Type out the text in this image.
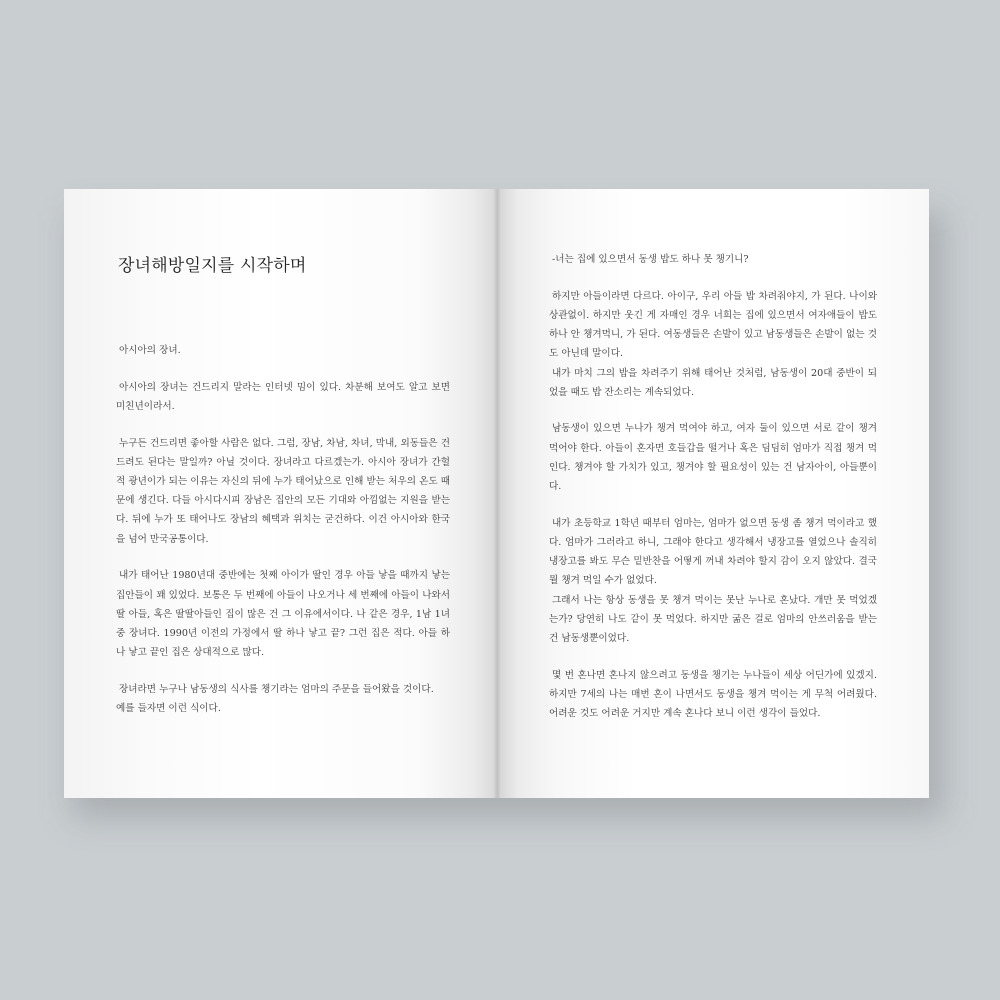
장녀해방일지를 시작하며

아시아의 장녀.

아시아의 장녀는 건드리지 말라는 인터넷 밈이 있다. 차분해 보여도 알고 보면 미친년이라서.

누구든 건드리면 좋아할 사람은 없다. 그럼, 장남, 차남, 차녀, 막내, 외동들은 건드려도 된다는 말일까? 아닐 것이다. 장녀라고 다르겠는가. 아시아 장녀가 간헐적 광년이가 되는 이유는 자신의 뒤에 누가 태어났으로 인해 받는 처우의 온도 때문에 생긴다. 다들 아시다시피 장남은 집안의 모든 기대와 아낌없는 지원을 받는다. 뒤에 누가 또 태어나도 장남의 혜택과 위치는 굳건하다. 이건 아시아와 한국을 넘어 만국공통이다.

내가 태어난 1980년대 중반에는 첫째 아이가 딸인 경우 아들 낳을 때까지 낳는 집안들이 꽤 있었다. 보통은 두 번째에 아들이 나오거나 세 번째에 아들이 나와서 딸 아들, 혹은 딸딸아들인 집이 많은 건 그 이유에서이다. 나 같은 경우, 1남 1녀 중 장녀다. 1990년 이전의 가정에서 딸 하나 낳고 끝? 그런 집은 적다. 아들 하나 낳고 끝인 집은 상대적으로 많다.

장녀라면 누구나 남동생의 식사를 챙기라는 엄마의 주문을 들어왔을 것이다.

예를 들자면 이런 식이다.

-너는 집에 있으면서 동생 밥도 하나 못 챙기니?

하지만 아들이라면 다르다. 아이구, 우리 아들 밥 차려줘야지, 가 된다. 나이와 상관없이. 하지만 웃긴 게 자매인 경우 너희는 집에 있으면서 여자애들이 밥도 하나 안 챙겨먹니, 가 된다. 여동생들은 손발이 있고 남동생들은 손발이 없는 것도 아닌데 말이다.

내가 마치 그의 밥을 차려주기 위해 태어난 것처럼, 남동생이 20대 중반이 되었을 때도 밥 잔소리는 계속되었다.

남동생이 있으면 누나가 챙겨 먹여야 하고, 여자 둘이 있으면 서로 같이 챙겨 먹어야 한다. 아들이 혼자면 호들갑을 떨거나 혹은 딤딤히 엄마가 직접 챙겨 먹인다. 챙겨야 할 가치가 있고, 챙겨야 할 필요성이 있는 건 남자아이, 아들뿐이다.

내가 초등학교 1학년 때부터 엄마는, 엄마가 없으면 동생 좀 챙겨 먹이라고 했다. 엄마가 그러라고 하니, 그래야 한다고 생각해서 냉장고를 열었으나 솔직히 냉장고를 봐도 무슨 밑반찬을 어떻게 꺼내 차려야 할지 감이 오지 않았다. 결국 뭘 챙겨 먹일 수가 없었다.

그래서 나는 항상 동생을 못 챙겨 먹이는 못난 누나로 혼났다. 개만 못 먹었겠는가? 당연히 나도 같이 못 먹었다. 하지만 굶은 걸로 엄마의 안쓰러움을 받는 건 남동생뿐이었다.

몇 번 혼나면 혼나지 않으려고 동생을 챙기는 누나들이 세상 어딘가에 있겠지. 하지만 7세의 나는 매번 혼이 나면서도 동생을 챙겨 먹이는 게 무척 어려웠다. 어려운 것도 어려운 거지만 계속 혼나다 보니 이런 생각이 들었다.
